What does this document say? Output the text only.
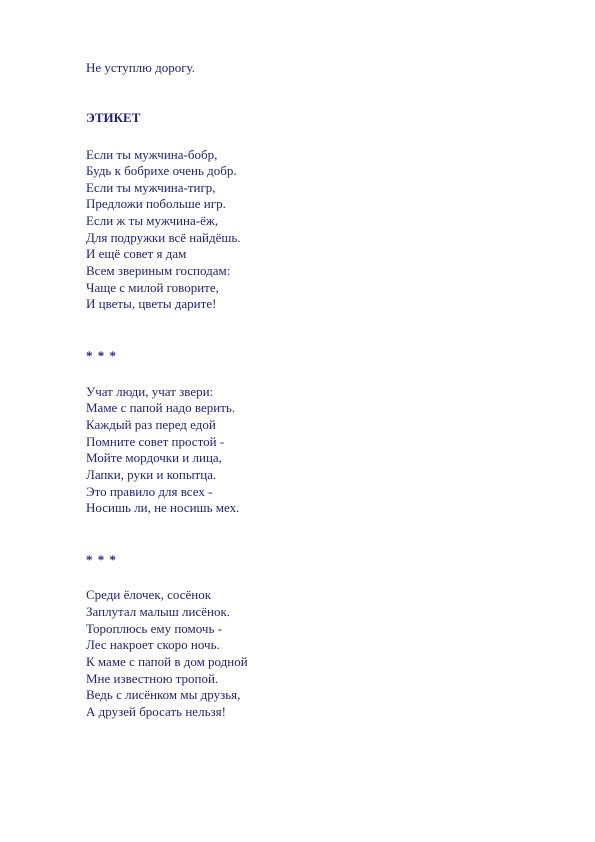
Не уступлю дорогу.
ЭТИКЕТ
Если ты мужчина-бобр,
Будь к бобрихе очень добр.
Если ты мужчина-тигр,
Предложи побольше игр.
Если ж ты мужчина-ёж,
Для подружки всё найдёшь.
И ещё совет я дам
Всем звериным господам:
Чаще с милой говорите,
И цветы, цветы дарите!
* * *
Учат люди, учат звери:
Маме с папой надо верить.
Каждый раз перед едой
Помните совет простой -
Мойте мордочки и лица,
Лапки, руки и копытца.
Это правило для всех -
Носишь ли, не носишь мех.
* * *
Среди ёлочек, сосёнок
Заплутал малыш лисёнок.
Тороплюсь ему помочь -
Лес накроет скоро ночь.
К маме с папой в дом родной
Мне известною тропой.
Ведь с лисёнком мы друзья,
А друзей бросать нельзя!
